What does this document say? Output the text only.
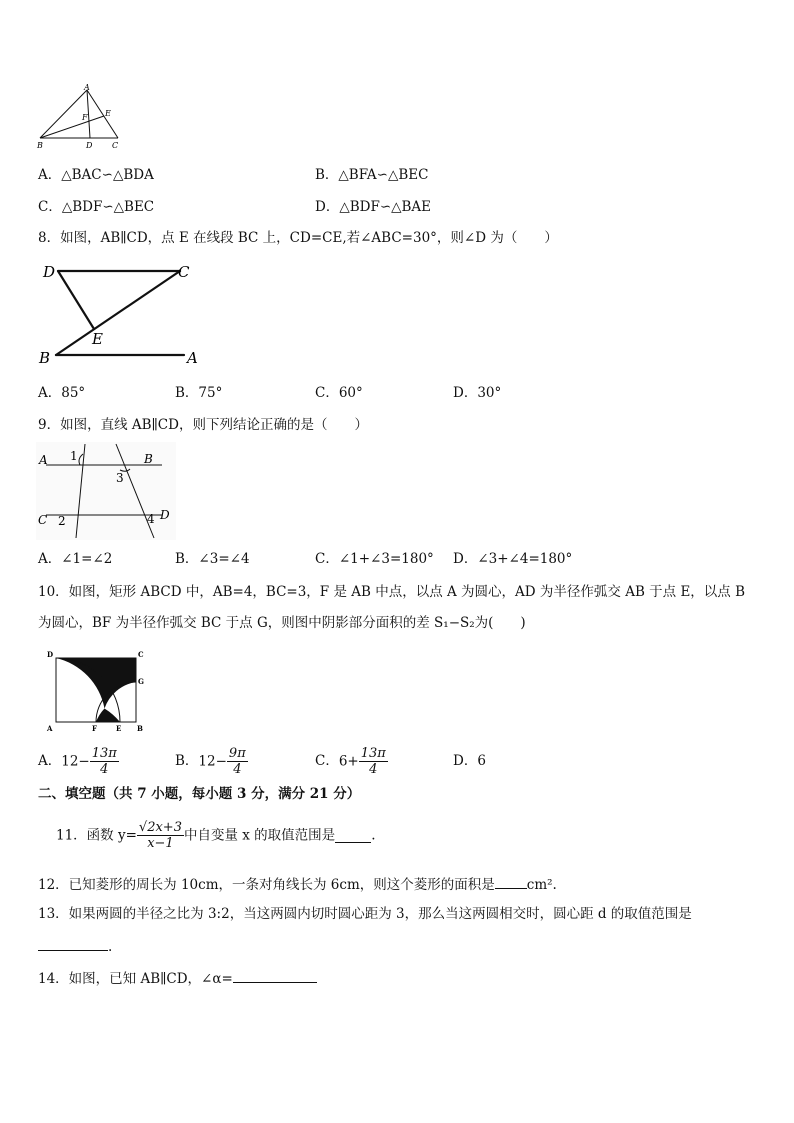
A
E
F
B	D C
A．△BAC∽△BDA	B．△BFA∽△BEC
C．△BDF∽△BEC	D．△BDF∽△BAE
8．如图，AB∥CD，点 E 在线段 BC 上，CD=CE,若∠ABC=30°，则∠D 为（　　）
D	C
E
B	A
A．85°	B．75°	C．60°	D．30°
9．如图，直线 AB∥CD，则下列结论正确的是（　　）
A	B
C	D
1
2
3
4
A．∠1=∠2	B．∠3=∠4	C．∠1+∠3=180° D．∠3+∠4=180°
10．如图，矩形 ABCD 中，AB=4，BC=3，F 是 AB 中点，以点 A 为圆心，AD 为半径作弧交 AB 于点 E，以点 B
为圆心，BF 为半径作弧交 BC 于点 G，则图中阴影部分面积的差 S₁−S₂为(　　)
D	C
G
A	F	E B
A．$12- \frac{13\pi}{4}$	B．$12- \frac{9\pi}{4}$	C．$6+ \frac{13\pi}{4}$	D．6
二、填空题（共 7 小题，每小题 3 分，满分 21 分）
11．函数 $y= \frac{√2x+3}{x-1}$ 中自变量 x 的取值范围是	.
12．已知菱形的周长为 10cm，一条对角线长为 6cm，则这个菱形的面积是 cm².
13．如果两圆的半径之比为 3:2，当这两圆内切时圆心距为 3，那么当这两圆相交时，圆心距 d 的取值范围是
.
14．如图，已知 AB∥CD，∠α=
